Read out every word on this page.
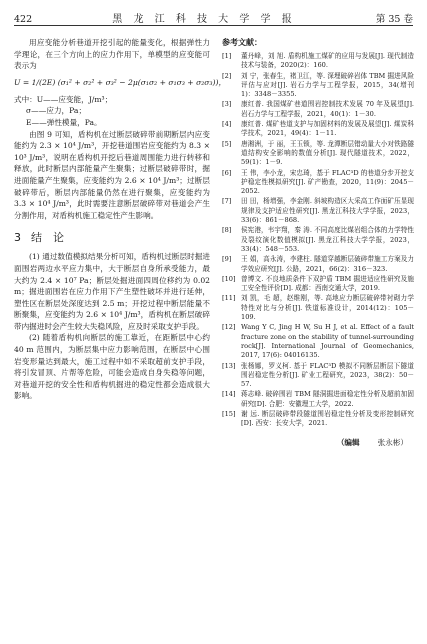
422	黑 龙 江 科 技 大 学 学 报	第 35 卷

用应变能分析巷道开挖引起的能量变化，根据弹性力学理论，在三个方向上的应力作用下，单模型的应变能可表示为

U = 1/(2E) (σ₁² + σ₂² + σ₃² − 2μ(σ₁σ₂ + σ₁σ₃ + σ₂σ₃))，
式中：U——应变能，J/m³；
σ——应力，Pa；
E——弹性模量，Pa。

由图 9 可知，盾构机在过断层破碎带前期断层内应变能约为 2.3 × 10⁴ J/m³，开挖巷道围岩应变能约为 8.3 × 10³ J/m³，说明在盾构机开挖后巷道周围能力进行转移和释放，此时断层内部能量产生聚集；过断层破碎带时，掘进面能量产生聚集，应变能约为 2.6 × 10⁴ J/m³；过断层破碎带后，断层内部能量仍然在进行聚集，应变能约为 3.3 × 10⁴ J/m³，此时需要注意断层破碎带对巷道会产生分割作用，对盾构机施工稳定性产生影响。

3 结　论

(1) 通过数值模拟结果分析可知，盾构机过断层时掘进面围岩两边水平应力集中，大于断层自身所承受能力，最大约为 2.4 × 10⁷ Pa；断层处掘进面四周位移约为 0.02 m；掘进面围岩在应力作用下产生塑性破坏并进行延伸，塑性区在断层处深度达到 2.5 m；开挖过程中断层能量不断聚集，应变能约为 2.6 × 10⁴ J/m³，盾构机在断层破碎带内掘进时会产生较大失稳风险，应及时采取支护手段。

(2) 随着盾构机向断层的施工靠近，在距断层中心约 40 m 范围内，为断层集中应力影响范围，在断层中心围岩变形量达到最大，施工过程中如不采取超前支护手段，将引发冒顶、片帮等危险，可能会造成自身失稳等问题，对巷道开挖的安全性和盾构机掘进的稳定性都会造成很大影响。

参考文献：
[1]	董丹峰，刘 旭. 盾构机施工煤矿的应用与发展[J]. 现代制造技术与装备，2020(2)：160.
[2]	刘 宁，张春生，褚卫江，等. 深埋破碎岩体 TBM 掘进风险评估与应对[J]. 岩石力学与工程学报，2015，34(增刊 1)：3348－3355.
[3]	康红普. 我国煤矿巷道围岩控制技术发展 70 年及展望[J]. 岩石力学与工程学报，2021，40(1)：1－30.
[4]	康红普. 煤矿巷道支护与加固材料的发展及展望[J]. 煤炭科学技术，2021，49(4)：1－11.
[5]	唐湘洲，于 丽，王玉锁，等. 龙潭断层错动量大小对铁路隧道结构安全影响的数值分析[J]. 现代隧道技术，2022，59(1)：1－9.
[6]	王 伟，李小龙，宋忠琦，基于 FLAC³D 的巷道分步开挖支护稳定性模拟研究[J]. 矿产勘查，2020，11(9)：2045－2052.
[7]	田 田，杨增强，李金刚. 斜坡构造区大采高工作面矿压显现规律及支护适应性研究[J]. 黑龙江科技大学学报，2023，33(6)：861－868.
[8]	侯宪港，韦宇翔，秦 涛. 不同高度比煤岩组合体的力学特性及裂纹演化数值模拟[J]. 黑龙江科技大学学报，2023，33(4)：548－553.
[9]	王 娟，高永涛，李建柱. 隧道穿越断层破碎带施工方案及力学效应研究[J]. 公路，2021，66(2)：316－323.
[10] 曾博文. 不良地质条件下双护盾 TBM 掘进适应性研究及施工安全性评价[D]. 成都：西南交通大学，2019.
[11] 刘 凯，毛 超，赵维刚，等. 高地应力断层破碎带衬砌力学特性对比与分析[J]. 铁道标准设计，2014(12)：105－109.
[12] Wang Y C, Jing H W, Su H J, et al. Effect of a fault fracture zone on the stability of tunnel-surrounding rock[J]. International Journal of Geomechanics, 2017, 17(6): 04016135.
[13] 张杨娜，罗义柯. 基于 FLAC³D 模拟不同断层断层下隧道围岩稳定性分析[J]. 矿业工程研究，2023，38(2)：50－57.
[14] 蒋志峰. 破碎围岩 TBM 隧洞掘进面稳定性分析及超前加固研究[D]. 合肥：安徽理工大学，2022.
[15] 谢 远. 断层破碎带段隧道围岩稳定性分析及变形控制研究[D]. 西安：长安大学，2021.
（编辑 张永彬）
